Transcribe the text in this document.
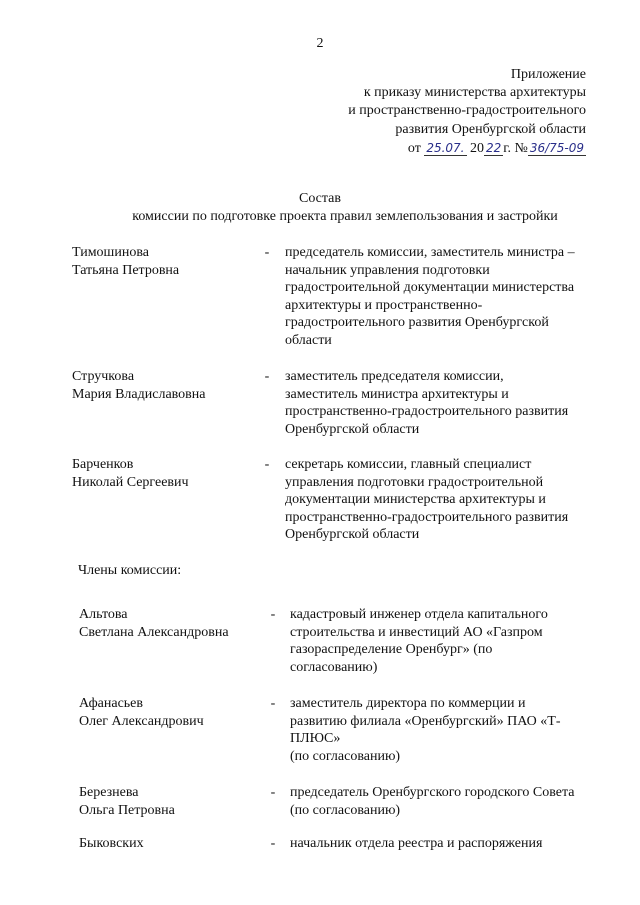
2
Приложение
к приказу министерства архитектуры
и пространственно-градостроительного
развития Оренбургской области
от 25.07. 20 22 г. № 36/75-09
Состав
комиссии по подготовке проекта правил землепользования и застройки
Тимошинова
Татьяна Петровна
- председатель комиссии, заместитель министра –
начальник управления подготовки
градостроительной документации министерства
архитектуры и пространственно-
градостроительного развития Оренбургской
области
Стручкова
Мария Владиславовна
- заместитель председателя комиссии,
заместитель министра архитектуры и
пространственно-градостроительного развития
Оренбургской области
Барченков
Николай Сергеевич
- секретарь комиссии, главный специалист
управления подготовки градостроительной
документации министерства архитектуры и
пространственно-градостроительного развития
Оренбургской области
Альтова
Светлана Александровна
- кадастровый инженер отдела капитального
строительства и инвестиций АО «Газпром
газораспределение Оренбург» (по
согласованию)
Афанасьев
Олег Александрович
- заместитель директора по коммерции и
развитию филиала «Оренбургский» ПАО «Т-
ПЛЮС»
(по согласованию)
Березнева
Ольга Петровна
- председатель Оренбургского городского Совета
(по согласованию)
Быковских	- начальник отдела реестра и распоряжения
Члены комиссии:
